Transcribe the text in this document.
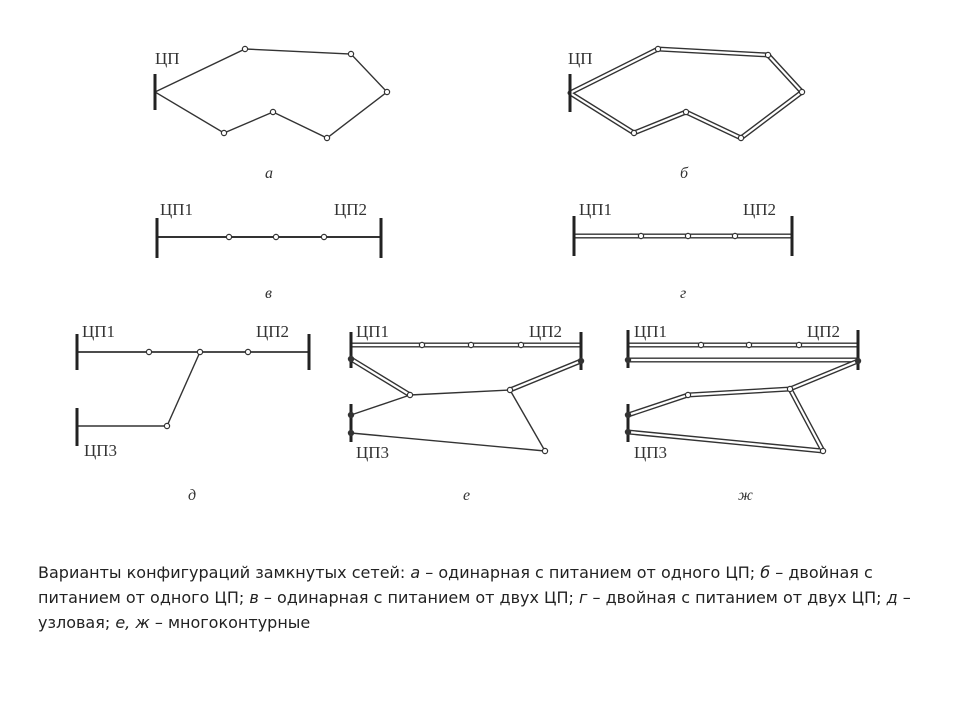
ЦП
а
ЦП
б
ЦП1	ЦП2
в
ЦП1	ЦП2
г
ЦП1	ЦП2
ЦП3
д
ЦП1	ЦП2
ЦП3
е
ЦП1	ЦП2
ЦП3
ж

Варианты конфигураций замкнутых сетей: а – одинарная с питанием от одного ЦП; б – двойная с питанием от одного ЦП; в – одинарная с питанием от двух ЦП; г – двойная с питанием от двух ЦП; д – узловая; е, ж – многоконтурные
